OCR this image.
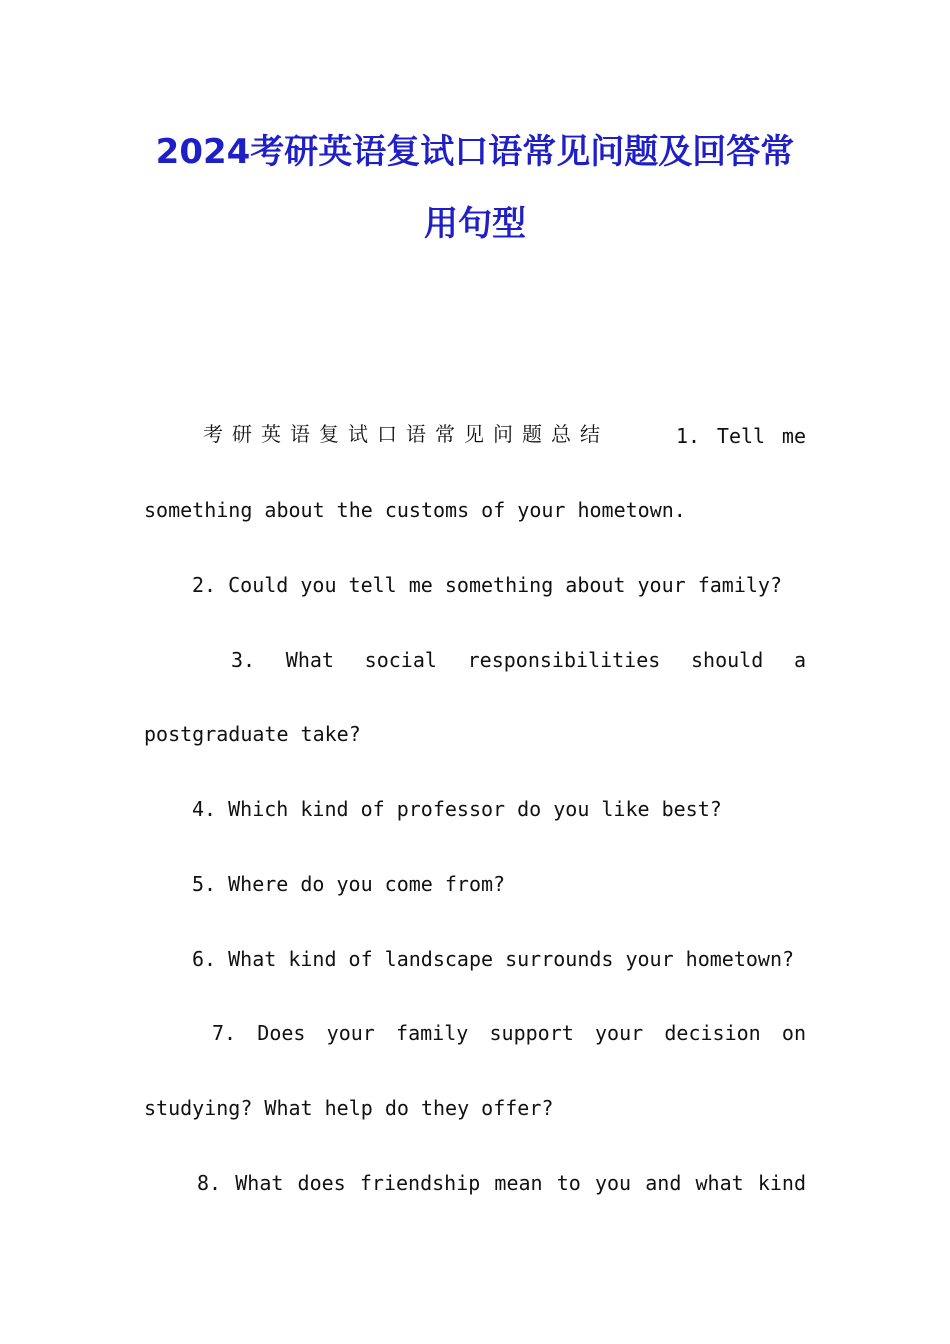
2024考研英语复试口语常见问题及回答常
用句型

考研英语复试口语常见问题总结	1. Tell me

something about the customs of your hometown.

2. Could you tell me something about your family?

3. What social responsibilities should a

postgraduate take?

4. Which kind of professor do you like best?

5. Where do you come from?

6. What kind of landscape surrounds your hometown?

7. Does your family support your decision on

studying? What help do they offer?

8. What does friendship mean to you and what kind
